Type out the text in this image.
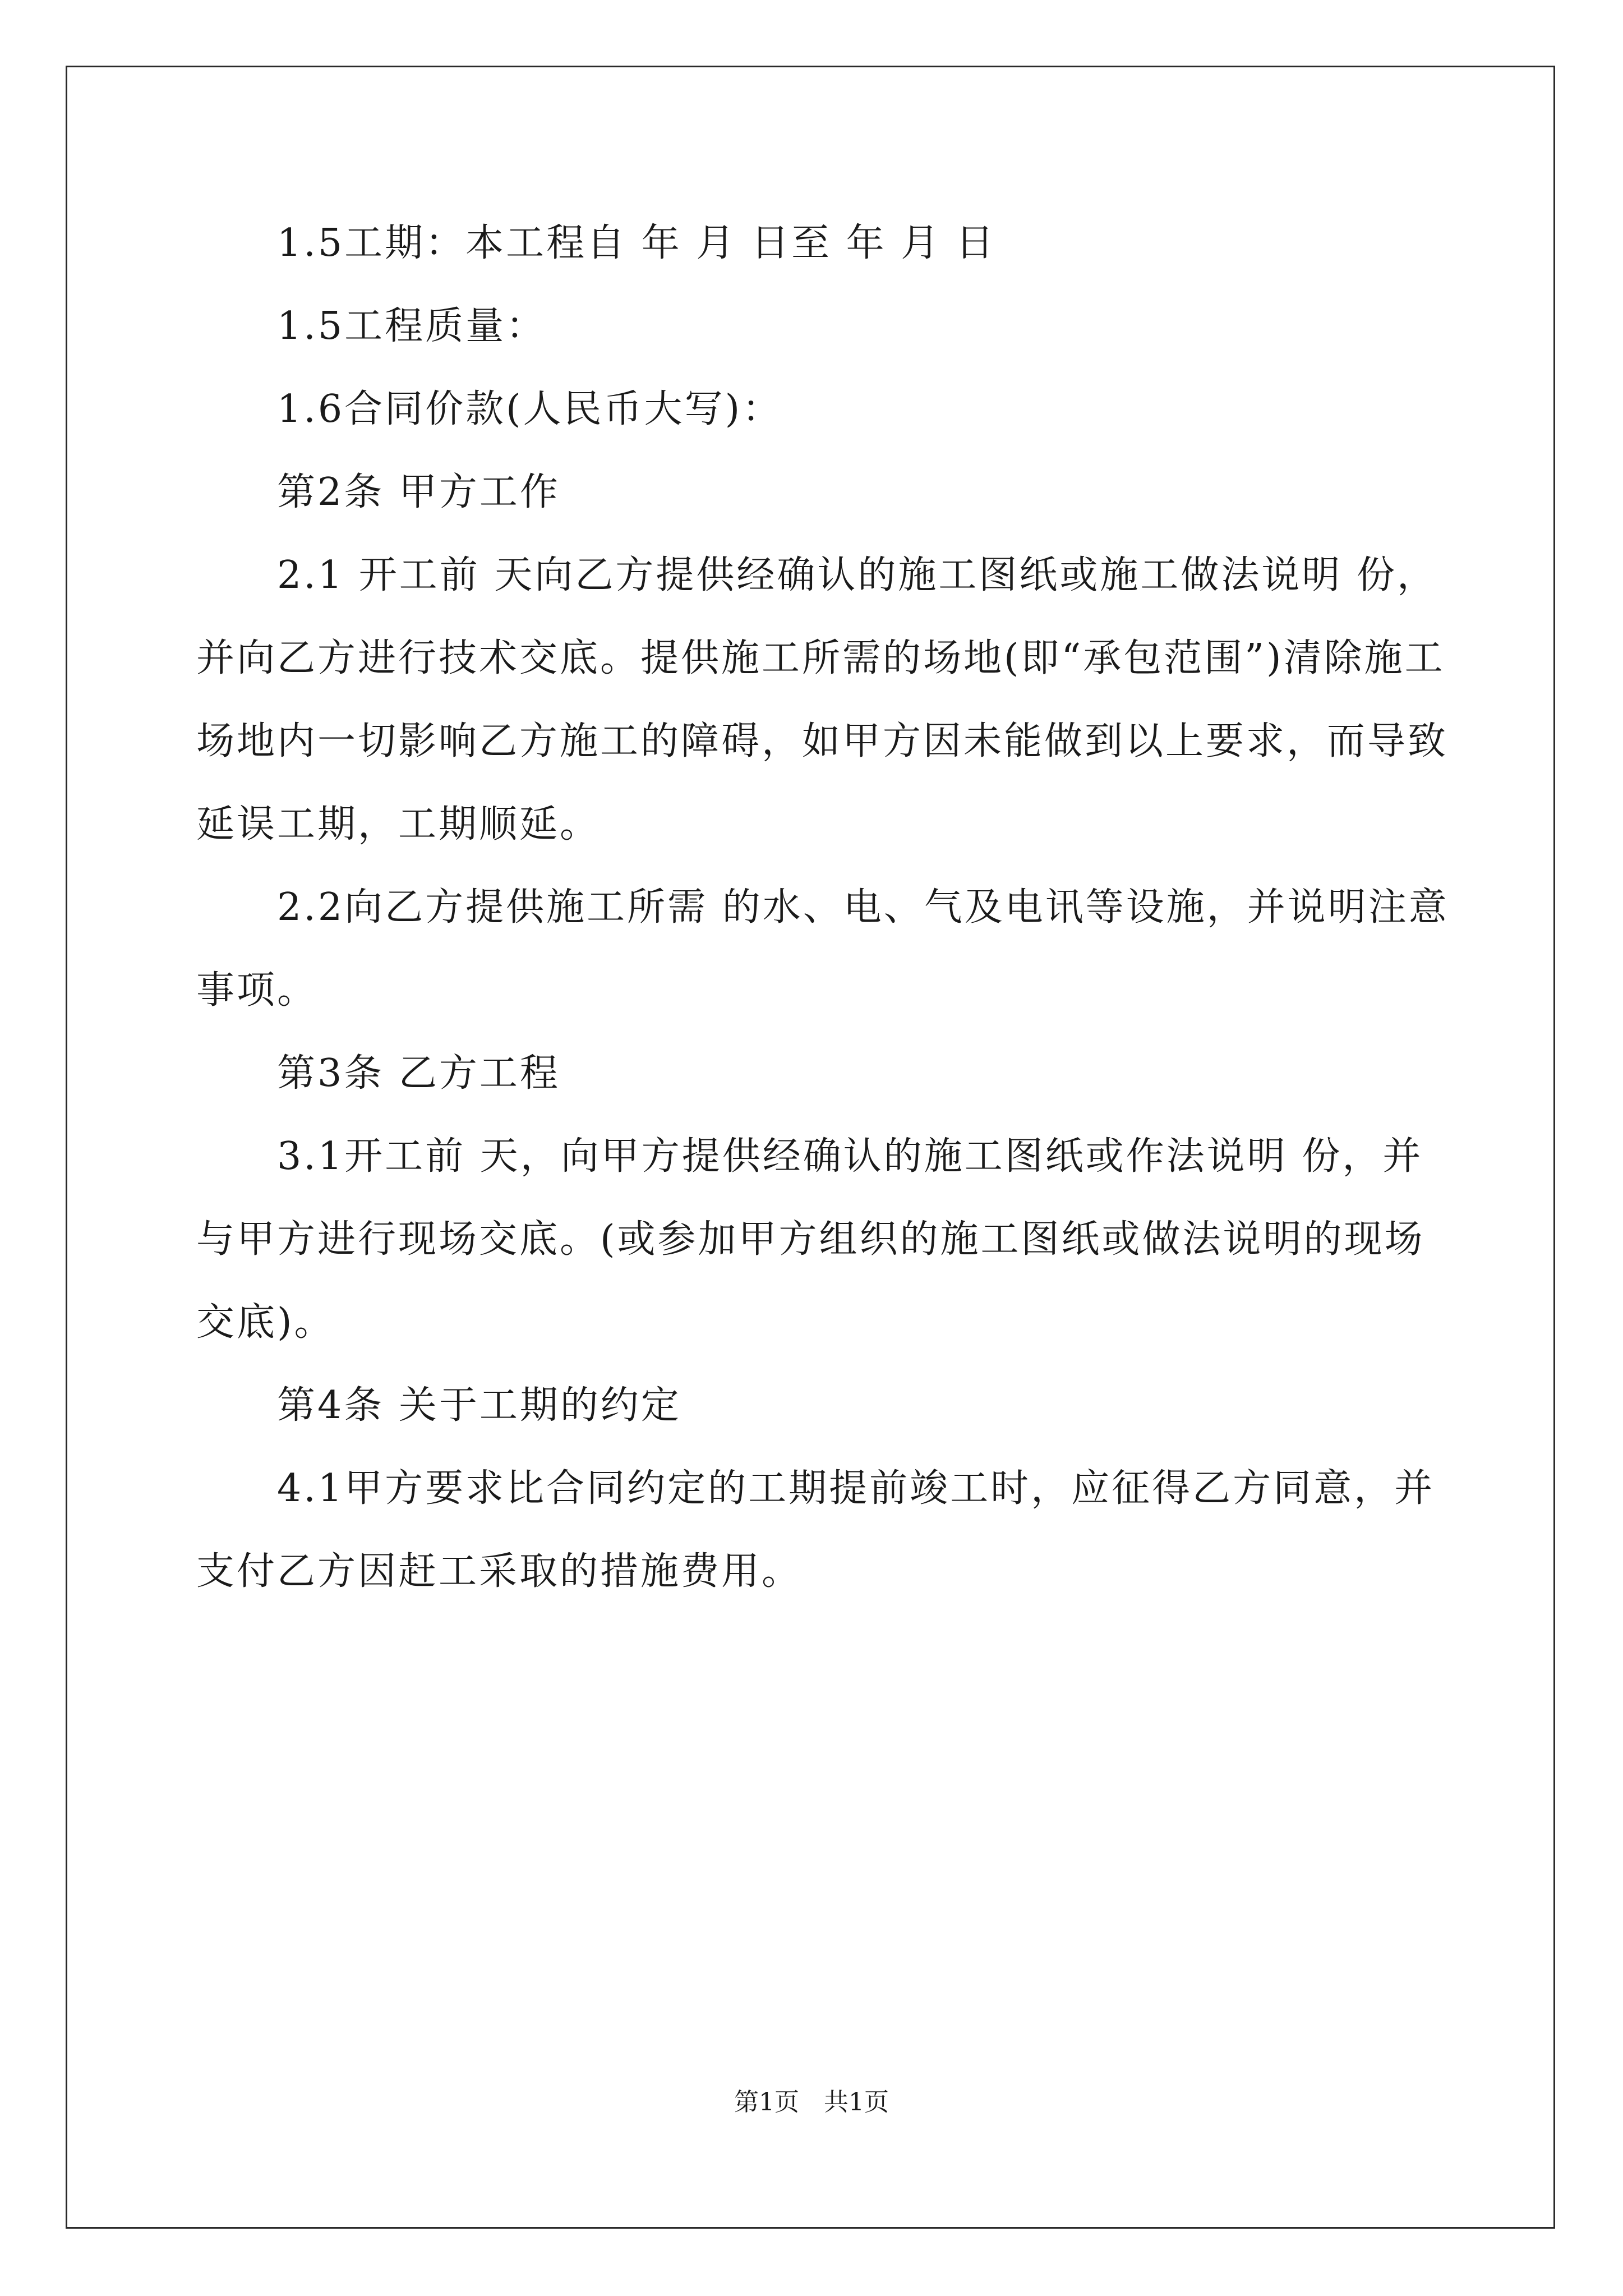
1.5工期：本工程自 年 月 日至 年 月 日

1.5工程质量：

1.6合同价款(人民币大写)：

第2条 甲方工作

2.1 开工前 天向乙方提供经确认的施工图纸或施工做法说明 份，并向乙方进行技术交底。提供施工所需的场地(即“承包范围”)清除施工场地内一切影响乙方施工的障碍，如甲方因未能做到以上要求，而导致延误工期，工期顺延。

2.2向乙方提供施工所需 的水、电、气及电讯等设施，并说明注意事项。

第3条 乙方工程

3.1开工前 天，向甲方提供经确认的施工图纸或作法说明 份，并与甲方进行现场交底。(或参加甲方组织的施工图纸或做法说明的现场交底)。

第4条 关于工期的约定

4.1甲方要求比合同约定的工期提前竣工时，应征得乙方同意，并支付乙方因赶工采取的措施费用。

第1页　共1页
